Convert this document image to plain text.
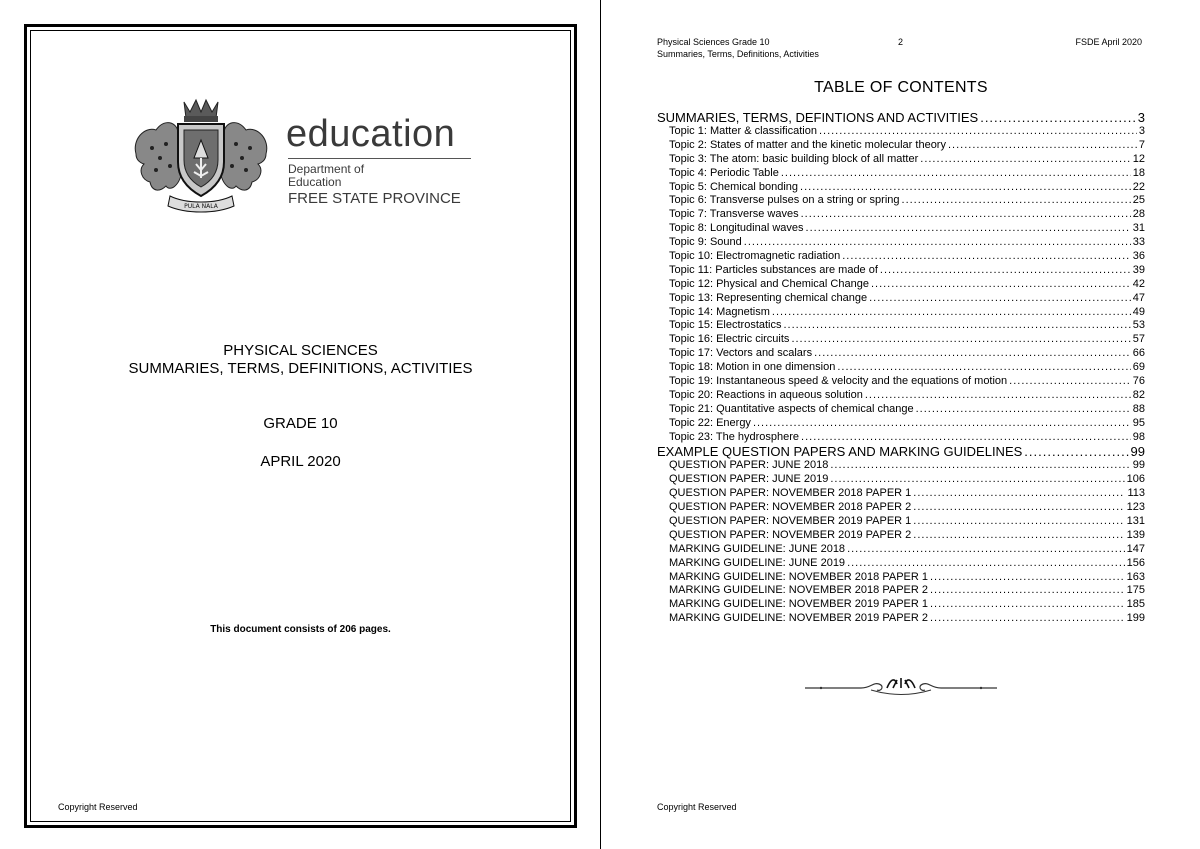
PULA NALA
education
Department of
Education
FREE STATE PROVINCE
PHYSICAL SCIENCES
SUMMARIES, TERMS, DEFINITIONS, ACTIVITIES
GRADE 10
APRIL 2020
This document consists of 206 pages.
Copyright Reserved
Physical Sciences Grade 10
Summaries, Terms, Definitions, Activities
2	FSDE April 2020
TABLE OF CONTENTS
SUMMARIES, TERMS, DEFINTIONS AND ACTIVITIES .....	3
Topic 1: Matter & classification .....	3
Topic 2: States of matter and the kinetic molecular theory .....	7
Topic 3: The atom: basic building block of all matter .....	12
Topic 4: Periodic Table .....	18
Topic 5: Chemical bonding .....	22
Topic 6: Transverse pulses on a string or spring .....	25
Topic 7: Transverse waves .....	28
Topic 8: Longitudinal waves .....	31
Topic 9: Sound .....	33
Topic 10: Electromagnetic radiation .....	36
Topic 11: Particles substances are made of .....	39
Topic 12: Physical and Chemical Change .....	42
Topic 13: Representing chemical change .....	47
Topic 14: Magnetism .....	49
Topic 15: Electrostatics .....	53
Topic 16: Electric circuits .....	57
Topic 17: Vectors and scalars .....	66
Topic 18: Motion in one dimension .....	69
Topic 19: Instantaneous speed & velocity and the equations of motion .....	76
Topic 20: Reactions in aqueous solution .....	82
Topic 21: Quantitative aspects of chemical change .....	88
Topic 22: Energy .....	95
Topic 23: The hydrosphere .....	98
EXAMPLE QUESTION PAPERS AND MARKING GUIDELINES .....	99
QUESTION PAPER: JUNE 2018 .....	99
QUESTION PAPER: JUNE 2019 .....	106
QUESTION PAPER: NOVEMBER 2018 PAPER 1 .....	113
QUESTION PAPER: NOVEMBER 2018 PAPER 2 .....	123
QUESTION PAPER: NOVEMBER 2019 PAPER 1 .....	131
QUESTION PAPER: NOVEMBER 2019 PAPER 2 .....	139
MARKING GUIDELINE: JUNE 2018 .....	147
MARKING GUIDELINE: JUNE 2019 .....	156
MARKING GUIDELINE: NOVEMBER 2018 PAPER 1 .....	163
MARKING GUIDELINE: NOVEMBER 2018 PAPER 2 .....	175
MARKING GUIDELINE: NOVEMBER 2019 PAPER 1 .....	185
MARKING GUIDELINE: NOVEMBER 2019 PAPER 2 .....	199
Copyright Reserved
